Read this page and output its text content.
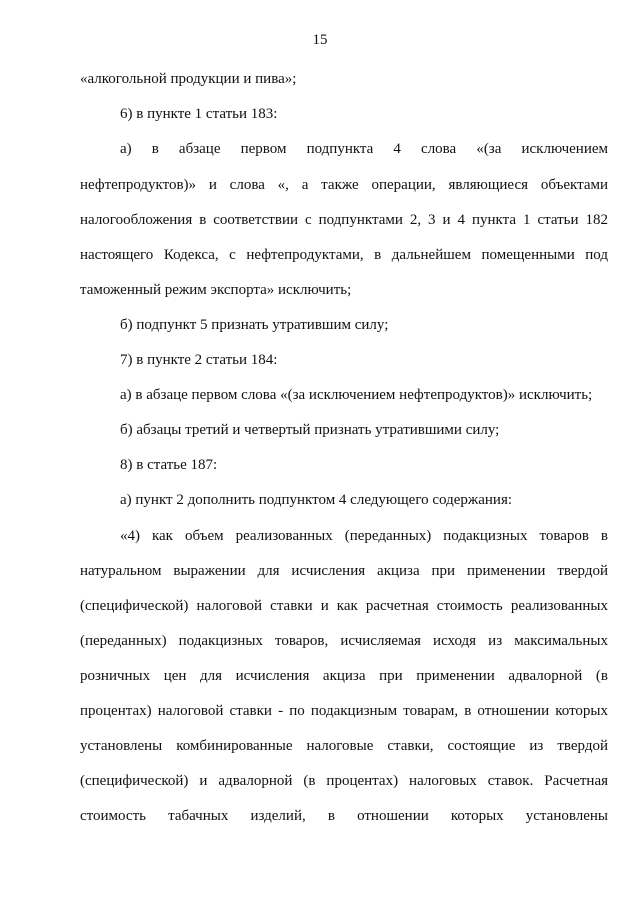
15
«алкогольной продукции и пива»;
6) в пункте 1 статьи 183:
а) в абзаце первом подпункта 4 слова «(за исключением
нефтепродуктов)» и слова «, а также операции, являющиеся объектами
налогообложения в соответствии с подпунктами 2, 3 и 4 пункта 1 статьи 182
настоящего Кодекса, с нефтепродуктами, в дальнейшем помещенными под
таможенный режим экспорта» исключить;
б) подпункт 5 признать утратившим силу;
7) в пункте 2 статьи 184:
а) в абзаце первом слова «(за исключением нефтепродуктов)» исключить;
б) абзацы третий и четвертый признать утратившими силу;
8) в статье 187:
а) пункт 2 дополнить подпунктом 4 следующего содержания:
«4) как объем реализованных (переданных) подакцизных товаров в
натуральном выражении для исчисления акциза при применении твердой
(специфической) налоговой ставки и как расчетная стоимость реализованных
(переданных) подакцизных товаров, исчисляемая исходя из максимальных
розничных цен для исчисления акциза при применении адвалорной (в
процентах) налоговой ставки - по подакцизным товарам, в отношении которых
установлены комбинированные налоговые ставки, состоящие из твердой
(специфической) и адвалорной (в процентах) налоговых ставок. Расчетная
стоимость табачных изделий, в отношении которых установлены
